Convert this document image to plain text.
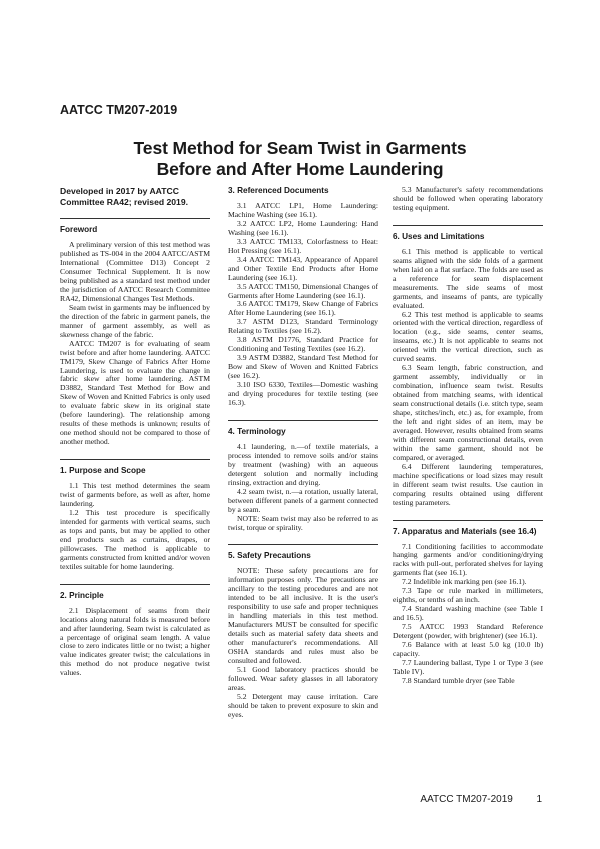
AATCC TM207-2019
Test Method for Seam Twist in Garments
Before and After Home Laundering
Developed in 2017 by AATCC Committee RA42; revised 2019.
Foreword

A preliminary version of this test method was published as TS-004 in the 2004 AATCC/ASTM International (Committee D13) Concept 2 Consumer Technical Supplement. It is now being published as a standard test method under the jurisdiction of AATCC Research Committee RA42, Dimensional Changes Test Methods.

Seam twist in garments may be influenced by the direction of the fabric in garment panels, the manner of garment assembly, as well as skewness change of the fabric.

AATCC TM207 is for evaluating of seam twist before and after home laundering. AATCC TM179, Skew Change of Fabrics After Home Laundering, is used to evaluate the change in fabric skew after home laundering. ASTM D3882, Standard Test Method for Bow and Skew of Woven and Knitted Fabrics is only used to evaluate fabric skew in its original state (before laundering). The relationship among results of these methods is unknown; results of one method should not be compared to those of another method.

1. Purpose and Scope

1.1 This test method determines the seam twist of garments before, as well as after, home laundering.

1.2 This test procedure is specifically intended for garments with vertical seams, such as tops and pants, but may be applied to other end products such as curtains, drapes, or pillowcases. The method is applicable to garments constructed from knitted and/or woven textiles suitable for home laundering.

2. Principle

2.1 Displacement of seams from their locations along natural folds is measured before and after laundering. Seam twist is calculated as a percentage of original seam length. A value close to zero indicates little or no twist; a higher value indicates greater twist; the calculations in this method do not produce negative twist values.

3. Referenced Documents

3.1 AATCC LP1, Home Laundering: Machine Washing (see 16.1).

3.2 AATCC LP2, Home Laundering: Hand Washing (see 16.1).

3.3 AATCC TM133, Colorfastness to Heat: Hot Pressing (see 16.1).

3.4 AATCC TM143, Appearance of Apparel and Other Textile End Products after Home Laundering (see 16.1).

3.5 AATCC TM150, Dimensional Changes of Garments after Home Laundering (see 16.1).

3.6 AATCC TM179, Skew Change of Fabrics After Home Laundering (see 16.1).

3.7 ASTM D123, Standard Terminology Relating to Textiles (see 16.2).

3.8 ASTM D1776, Standard Practice for Conditioning and Testing Textiles (see 16.2).

3.9 ASTM D3882, Standard Test Method for Bow and Skew of Woven and Knitted Fabrics (see 16.2).

3.10 ISO 6330, Textiles—Domestic washing and drying procedures for textile testing (see 16.3).

4. Terminology

4.1 laundering, n.—of textile materials, a process intended to remove soils and/or stains by treatment (washing) with an aqueous detergent solution and normally including rinsing, extraction and drying.

4.2 seam twist, n.—a rotation, usually lateral, between different panels of a garment connected by a seam.

NOTE: Seam twist may also be referred to as twist, torque or spirality.

5. Safety Precautions

NOTE: These safety precautions are for information purposes only. The precautions are ancillary to the testing procedures and are not intended to be all inclusive. It is the user's responsibility to use safe and proper techniques in handling materials in this test method. Manufacturers MUST be consulted for specific details such as material safety data sheets and other manufacturer's recommendations. All OSHA standards and rules must also be consulted and followed.

5.1 Good laboratory practices should be followed. Wear safety glasses in all laboratory areas.

5.2 Detergent may cause irritation. Care should be taken to prevent exposure to skin and eyes.

5.3 Manufacturer's safety recommendations should be followed when operating laboratory testing equipment.

6. Uses and Limitations

6.1 This method is applicable to vertical seams aligned with the side folds of a garment when laid on a flat surface. The folds are used as a reference for seam displacement measurements. The side seams of most garments, and inseams of pants, are typically evaluated.

6.2 This test method is applicable to seams oriented with the vertical direction, regardless of location (e.g., side seams, center seams, inseams, etc.) It is not applicable to seams not oriented with the vertical direction, such as curved seams.

6.3 Seam length, fabric construction, and garment assembly, individually or in combination, influence seam twist. Results obtained from matching seams, with identical seam constructional details (i.e. stitch type, seam shape, stitches/inch, etc.) as, for example, from the left and right sides of an item, may be averaged. However, results obtained from seams with different seam constructional details, even within the same garment, should not be compared, or averaged.

6.4 Different laundering temperatures, machine specifications or load sizes may result in different seam twist results. Use caution in comparing results obtained using different testing parameters.

7. Apparatus and Materials (see 16.4)

7.1 Conditioning facilities to accommodate hanging garments and/or conditioning/drying racks with pull-out, perforated shelves for laying garments flat (see 16.1).

7.2 Indelible ink marking pen (see 16.1).

7.3 Tape or rule marked in millimeters, eighths, or tenths of an inch.

7.4 Standard washing machine (see Table I and 16.5).

7.5 AATCC 1993 Standard Reference Detergent (powder, with brightener) (see 16.1).

7.6 Balance with at least 5.0 kg (10.0 lb) capacity.

7.7 Laundering ballast, Type 1 or Type 3 (see Table IV).

7.8 Standard tumble dryer (see Table

AATCC TM207-2019 1
